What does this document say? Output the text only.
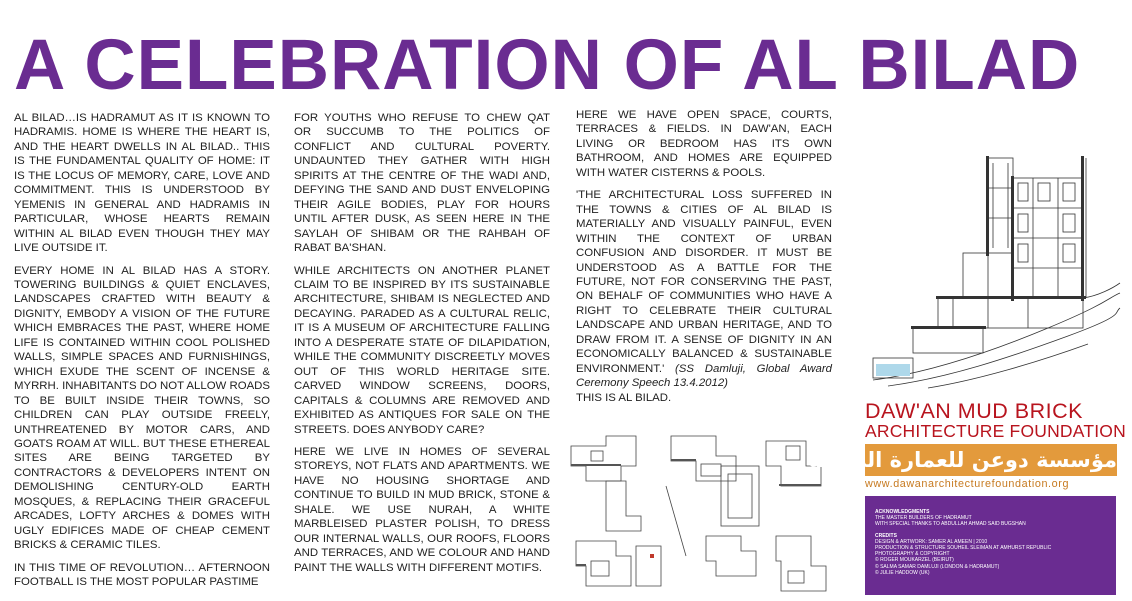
A CELEBRATION OF AL BILAD

AL BILAD…IS HADRAMUT AS IT IS KNOWN TO HADRAMIS. HOME IS WHERE THE HEART IS, AND THE HEART DWELLS IN AL BILAD.. THIS IS THE FUNDAMENTAL QUALITY OF HOME: IT IS THE LOCUS OF MEMORY, CARE, LOVE AND COMMITMENT. THIS IS UNDERSTOOD BY YEMENIS IN GENERAL AND HADRAMIS IN PARTICULAR, WHOSE HEARTS REMAIN WITHIN AL BILAD EVEN THOUGH THEY MAY LIVE OUTSIDE IT.

EVERY HOME IN AL BILAD HAS A STORY. TOWERING BUILDINGS & QUIET ENCLAVES, LANDSCAPES CRAFTED WITH BEAUTY & DIGNITY, EMBODY A VISION OF THE FUTURE WHICH EMBRACES THE PAST, WHERE HOME LIFE IS CONTAINED WITHIN COOL POLISHED WALLS, SIMPLE SPACES AND FURNISHINGS, WHICH EXUDE THE SCENT OF INCENSE & MYRRH. INHABITANTS DO NOT ALLOW ROADS TO BE BUILT INSIDE THEIR TOWNS, SO CHILDREN CAN PLAY OUTSIDE FREELY, UNTHREATENED BY MOTOR CARS, AND GOATS ROAM AT WILL. BUT THESE ETHEREAL SITES ARE BEING TARGETED BY CONTRACTORS & DEVELOPERS INTENT ON DEMOLISHING CENTURY-OLD EARTH MOSQUES, & REPLACING THEIR GRACEFUL ARCADES, LOFTY ARCHES & DOMES WITH UGLY EDIFICES MADE OF CHEAP CEMENT BRICKS & CERAMIC TILES.

IN THIS TIME OF REVOLUTION… AFTERNOON FOOTBALL IS THE MOST POPULAR PASTIME

FOR YOUTHS WHO REFUSE TO CHEW QAT OR SUCCUMB TO THE POLITICS OF CONFLICT AND CULTURAL POVERTY. UNDAUNTED THEY GATHER WITH HIGH SPIRITS AT THE CENTRE OF THE WADI AND, DEFYING THE SAND AND DUST ENVELOPING THEIR AGILE BODIES, PLAY FOR HOURS UNTIL AFTER DUSK, AS SEEN HERE IN THE SAYLAH OF SHIBAM OR THE RAHBAH OF RABAT BA'SHAN.

WHILE ARCHITECTS ON ANOTHER PLANET CLAIM TO BE INSPIRED BY ITS SUSTAINABLE ARCHITECTURE, SHIBAM IS NEGLECTED AND DECAYING. PARADED AS A CULTURAL RELIC, IT IS A MUSEUM OF ARCHITECTURE FALLING INTO A DESPERATE STATE OF DILAPIDATION, WHILE THE COMMUNITY DISCREETLY MOVES OUT OF THIS WORLD HERITAGE SITE. CARVED WINDOW SCREENS, DOORS, CAPITALS & COLUMNS ARE REMOVED AND EXHIBITED AS ANTIQUES FOR SALE ON THE STREETS. DOES ANYBODY CARE?

HERE WE LIVE IN HOMES OF SEVERAL STOREYS, NOT FLATS AND APARTMENTS. WE HAVE NO HOUSING SHORTAGE AND CONTINUE TO BUILD IN MUD BRICK, STONE & SHALE. WE USE NURAH, A WHITE MARBLEISED PLASTER POLISH, TO DRESS OUR INTERNAL WALLS, OUR ROOFS, FLOORS AND TERRACES, AND WE COLOUR AND HAND PAINT THE WALLS WITH DIFFERENT MOTIFS.

HERE WE HAVE OPEN SPACE, COURTS, TERRACES & FIELDS. IN DAW'AN, EACH LIVING OR BEDROOM HAS ITS OWN BATHROOM, AND HOMES ARE EQUIPPED WITH WATER CISTERNS & POOLS.

'THE ARCHITECTURAL LOSS SUFFERED IN THE TOWNS & CITIES OF AL BILAD IS MATERIALLY AND VISUALLY PAINFUL, EVEN WITHIN THE CONTEXT OF URBAN CONFUSION AND DISORDER. IT MUST BE UNDERSTOOD AS A BATTLE FOR THE FUTURE, NOT FOR CONSERVING THE PAST, ON BEHALF OF COMMUNITIES WHO HAVE A RIGHT TO CELEBRATE THEIR CULTURAL LANDSCAPE AND URBAN HERITAGE, AND TO DRAW FROM IT. A SENSE OF DIGNITY IN AN ECONOMICALLY BALANCED & SUSTAINABLE ENVIRONMENT.' (SS Damluji, Global Award Ceremony Speech 13.4.2012)

THIS IS AL BILAD.

DAW'AN MUD BRICK
ARCHITECTURE FOUNDATION
مؤسسة دوعن للعمارة الطينية
www.dawanarchitecturefoundation.org
ACKNOWLEDGMENTS
THE MASTER BUILDERS OF HADRAMUT
WITH SPECIAL THANKS TO ABDULLAH AHMAD SAID BUGSHAN
CREDITS
DESIGN & ARTWORK: SAMER AL AMEEN | 2010
PRODUCTION & STRUCTURE SOUHEIL SLEIMAN AT AMHURST REPUBLIC
PHOTOGRAPHY & COPYRIGHT
© ROGER MOUKARZEL (BEIRUT)
© SALMA SAMAR DAMLUJI (LONDON & HADRAMUT)
© JULIE HADDOW (UK)
